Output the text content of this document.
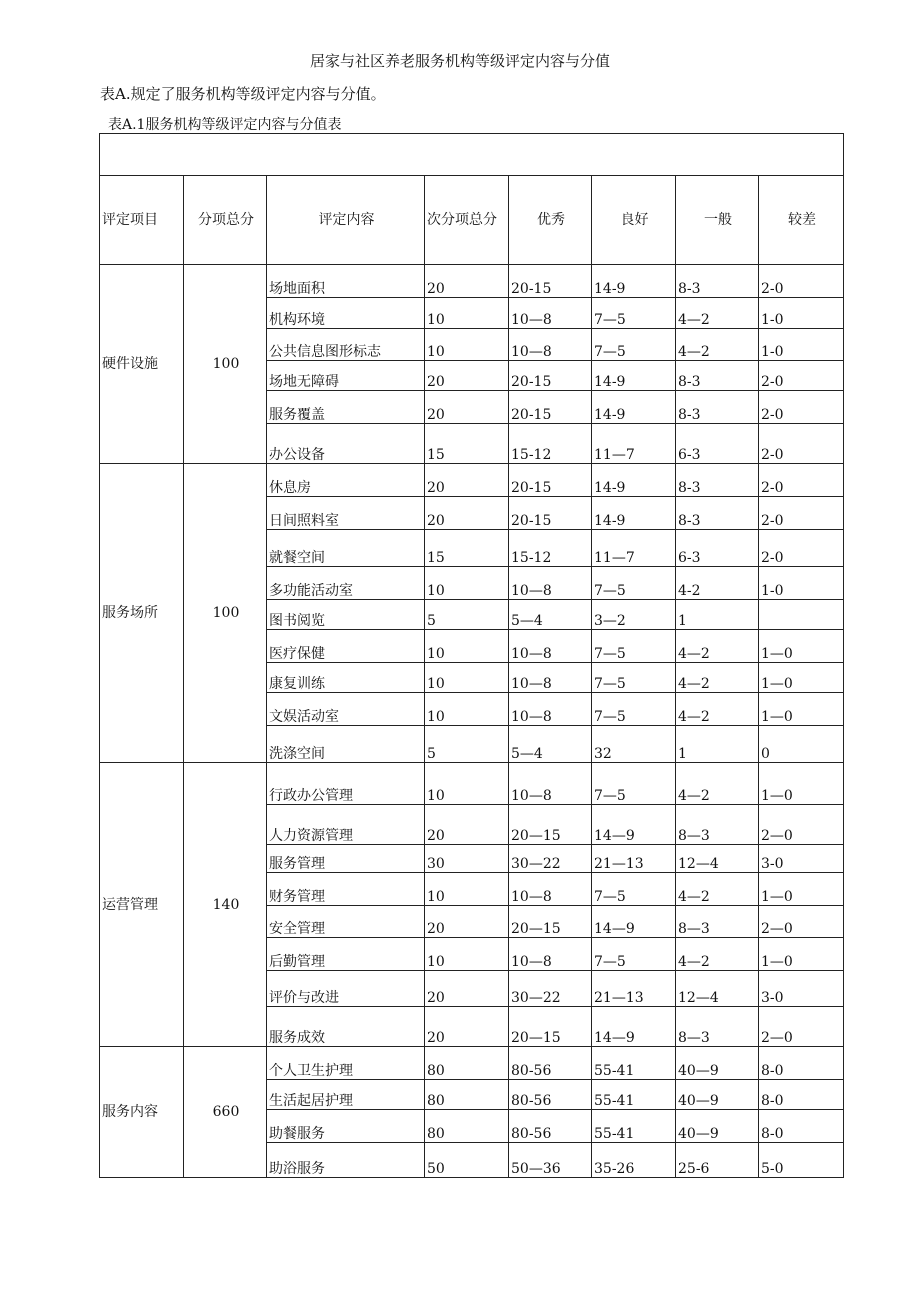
居家与社区养老服务机构等级评定内容与分值
表A.规定了服务机构等级评定内容与分值。
表A.1服务机构等级评定内容与分值表

评定项目	分项总分	评定内容	次分项总分	优秀	良好	一般	较差
硬件设施	100	场地面积	20	20-15	14-9	8-3	2-0
		机构环境	10	10—8	7—5	4—2	1-0
		公共信息图形标志	10	10—8	7—5	4—2	1-0
		场地无障碍	20	20-15	14-9	8-3	2-0
		服务覆盖	20	20-15	14-9	8-3	2-0
		办公设备	15	15-12	11—7	6-3	2-0
服务场所	100	休息房	20	20-15	14-9	8-3	2-0
		日间照料室	20	20-15	14-9	8-3	2-0
		就餐空间	15	15-12	11—7	6-3	2-0
		多功能活动室	10	10—8	7—5	4-2	1-0
		图书阅览	5	5—4	3—2	1	
		医疗保健	10	10—8	7—5	4—2	1—0
		康复训练	10	10—8	7—5	4—2	1—0
		文娱活动室	10	10—8	7—5	4—2	1—0
		洗涤空间	5	5—4	32	1	0
运营管理	140	行政办公管理	10	10—8	7—5	4—2	1—0
		人力资源管理	20	20—15	14—9	8—3	2—0
		服务管理	30	30—22	21—13	12—4	3-0
		财务管理	10	10—8	7—5	4—2	1—0
		安全管理	20	20—15	14—9	8—3	2—0
		后勤管理	10	10—8	7—5	4—2	1—0
		评价与改进	20	30—22	21—13	12—4	3-0
		服务成效	20	20—15	14—9	8—3	2—0
服务内容	660	个人卫生护理	80	80-56	55-41	40—9	8-0
		生活起居护理	80	80-56	55-41	40—9	8-0
		助餐服务	80	80-56	55-41	40—9	8-0
		助浴服务	50	50—36	35-26	25-6	5-0
